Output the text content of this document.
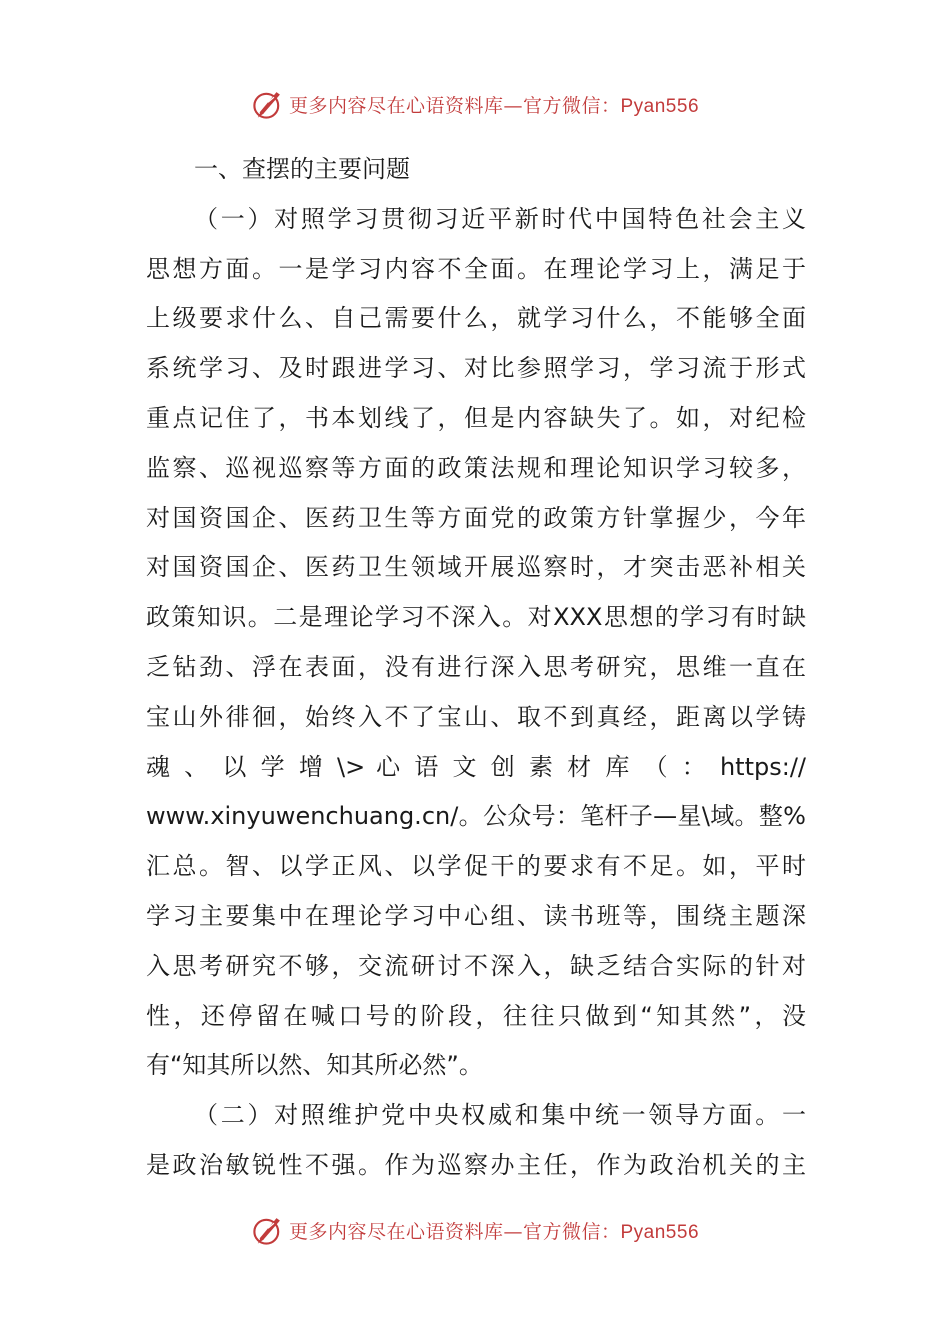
更多内容尽在心语资料库—官方微信：Pyan556
一、查摆的主要问题
（一）对照学习贯彻习近平新时代中国特色社会主义
思想方面。一是学习内容不全面。在理论学习上，满足于
上级要求什么、自己需要什么，就学习什么，不能够全面
系统学习、及时跟进学习、对比参照学习，学习流于形式
重点记住了，书本划线了，但是内容缺失了。如，对纪检
监察、巡视巡察等方面的政策法规和理论知识学习较多，
对国资国企、医药卫生等方面党的政策方针掌握少，今年
对国资国企、医药卫生领域开展巡察时，才突击恶补相关
政策知识。二是理论学习不深入。对XXX思想的学习有时缺
乏钻劲、浮在表面，没有进行深入思考研究，思维一直在
宝山外徘徊，始终入不了宝山、取不到真经，距离以学铸
魂 、 以 学 增 \> 心 语 文 创 素 材 库 （ ： https://
www.xinyuwenchuang.cn/。公众号：笔杆子—星\域。整%
汇总。智、以学正风、以学促干的要求有不足。如，平时
学习主要集中在理论学习中心组、读书班等，围绕主题深
入思考研究不够，交流研讨不深入，缺乏结合实际的针对
性，还停留在喊口号的阶段，往往只做到“知其然”，没
有“知其所以然、知其所必然”。
（二）对照维护党中央权威和集中统一领导方面。一
是政治敏锐性不强。作为巡察办主任，作为政治机关的主
更多内容尽在心语资料库—官方微信：Pyan556
